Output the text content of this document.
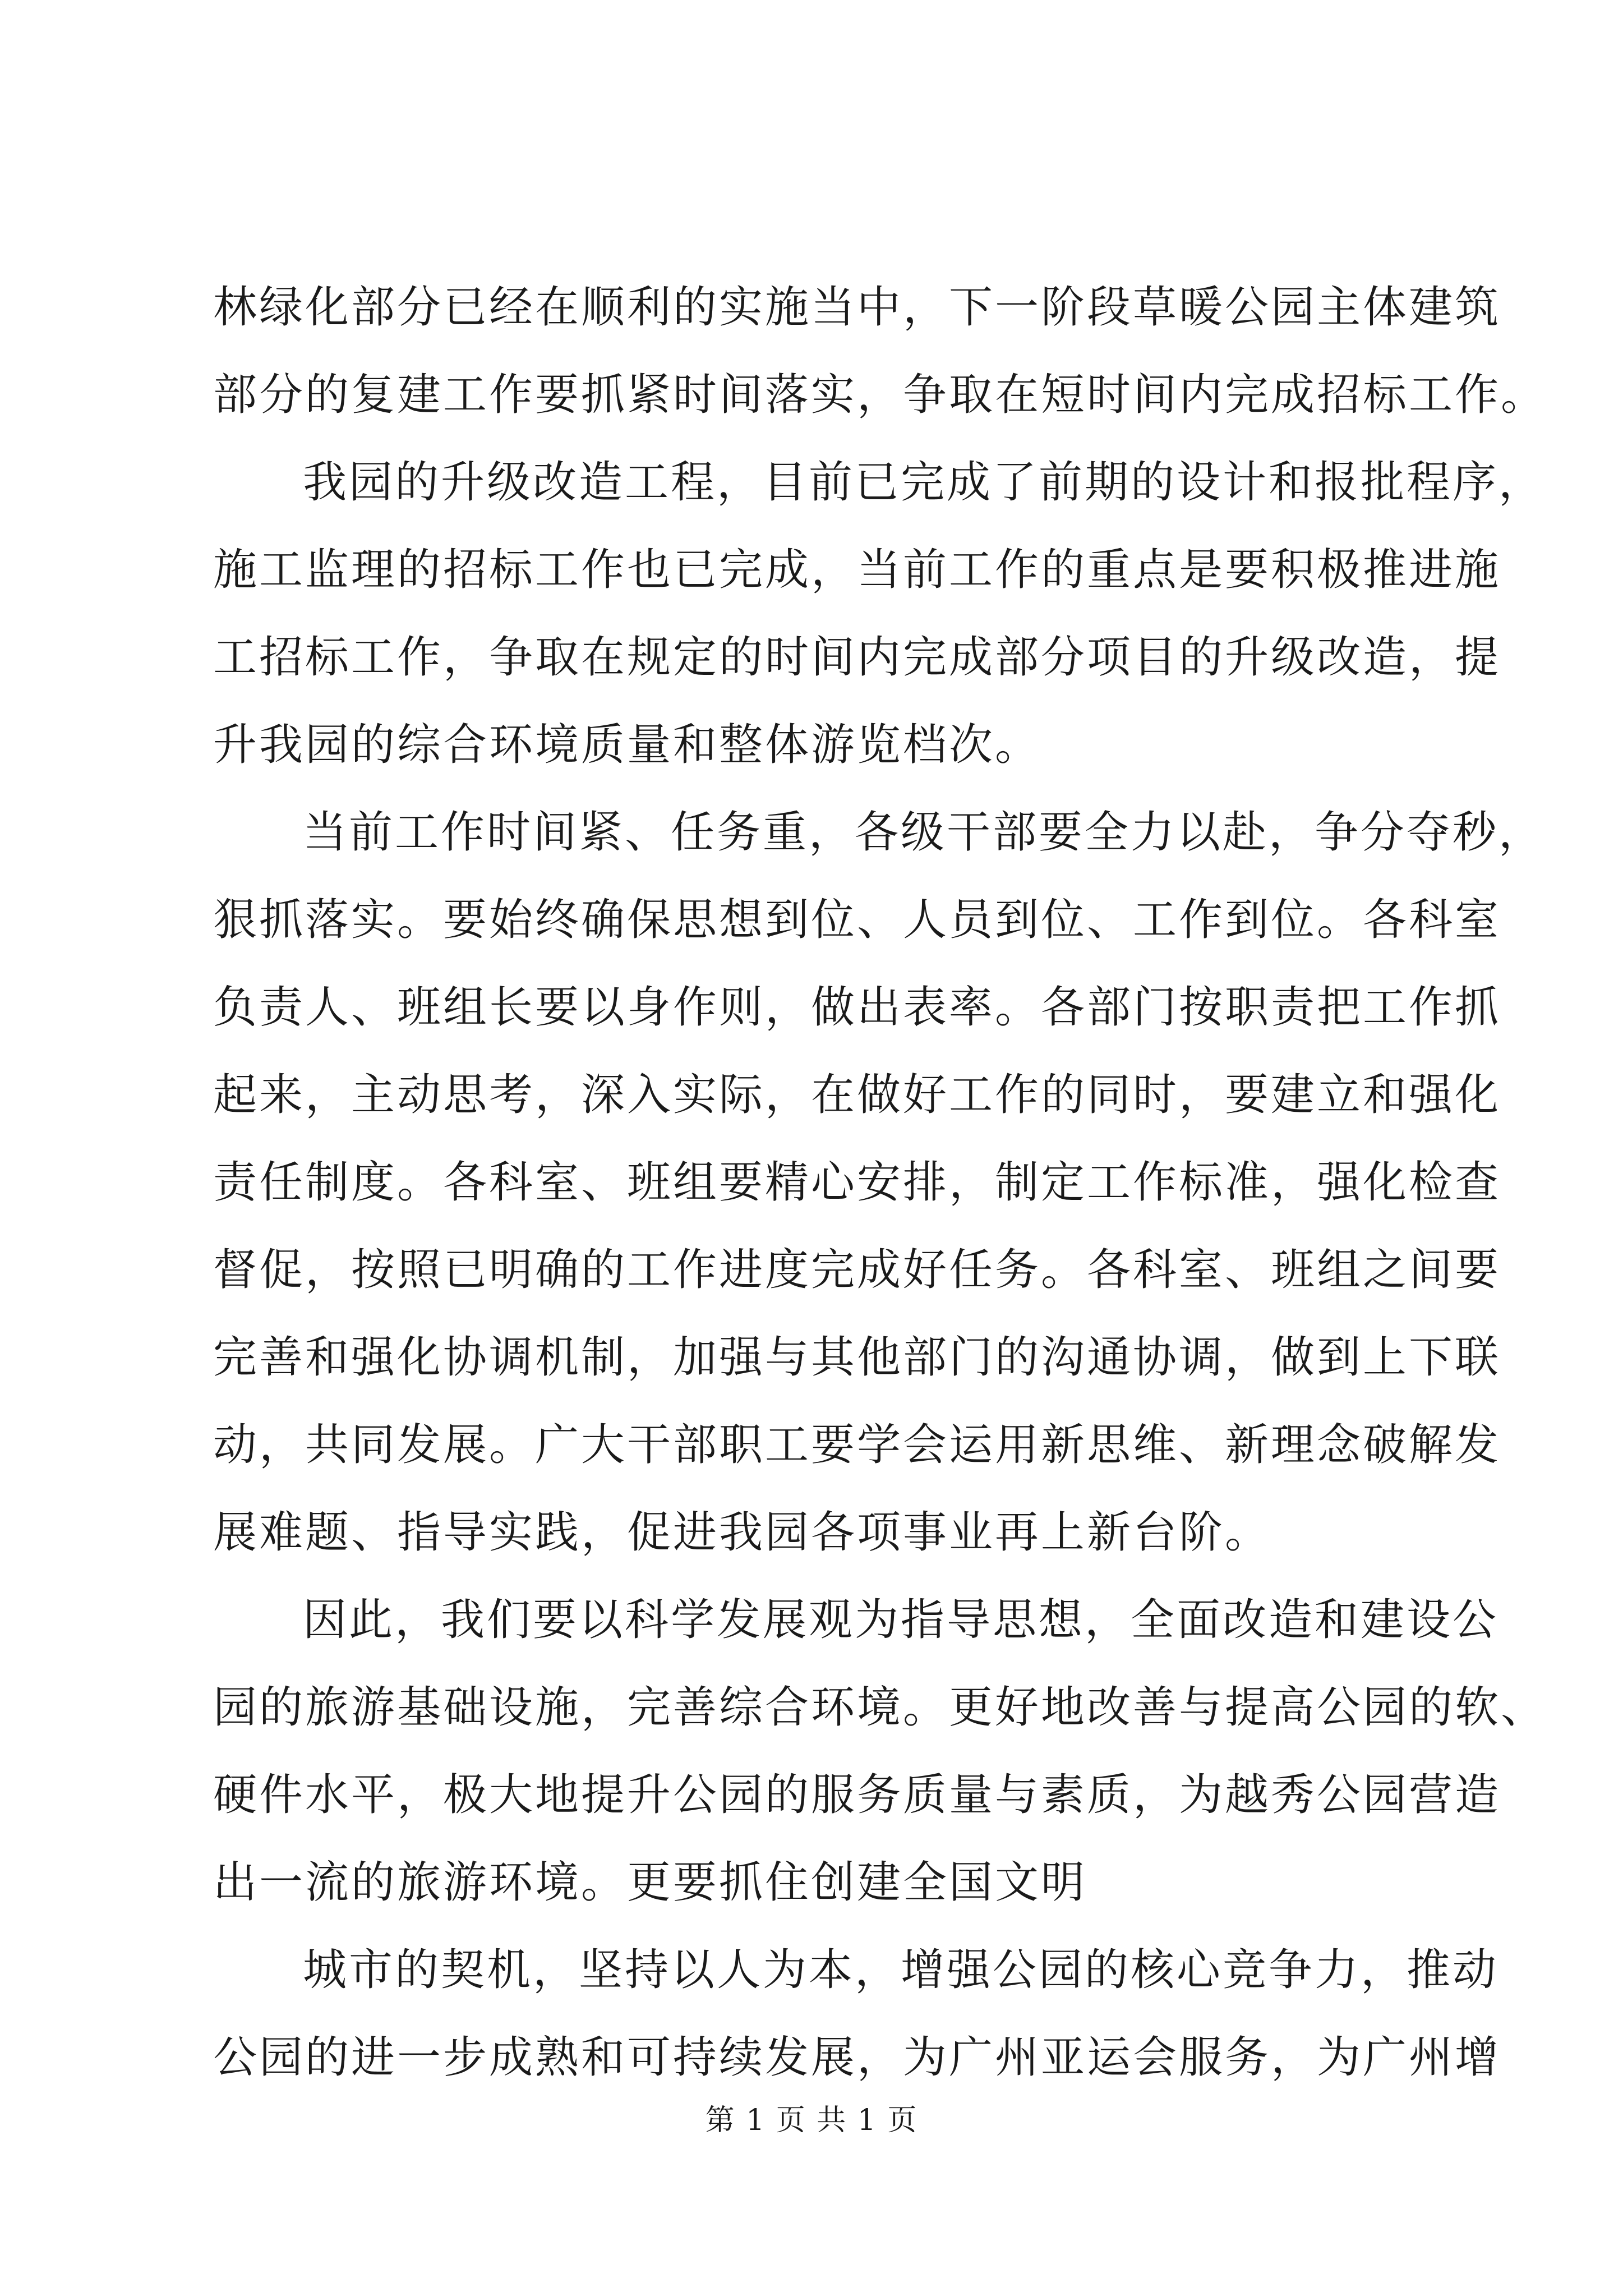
林绿化部分已经在顺利的实施当中，下一阶段草暖公园主体建筑
部分的复建工作要抓紧时间落实，争取在短时间内完成招标工作。
我园的升级改造工程，目前已完成了前期的设计和报批程序，
施工监理的招标工作也已完成，当前工作的重点是要积极推进施
工招标工作，争取在规定的时间内完成部分项目的升级改造，提
升我园的综合环境质量和整体游览档次。
当前工作时间紧、任务重，各级干部要全力以赴，争分夺秒，
狠抓落实。要始终确保思想到位、人员到位、工作到位。各科室
负责人、班组长要以身作则，做出表率。各部门按职责把工作抓
起来，主动思考，深入实际，在做好工作的同时，要建立和强化
责任制度。各科室、班组要精心安排，制定工作标准，强化检查
督促，按照已明确的工作进度完成好任务。各科室、班组之间要
完善和强化协调机制，加强与其他部门的沟通协调，做到上下联
动，共同发展。广大干部职工要学会运用新思维、新理念破解发
展难题、指导实践，促进我园各项事业再上新台阶。
因此，我们要以科学发展观为指导思想，全面改造和建设公
园的旅游基础设施，完善综合环境。更好地改善与提高公园的软、
硬件水平，极大地提升公园的服务质量与素质，为越秀公园营造
出一流的旅游环境。更要抓住创建全国文明
城市的契机，坚持以人为本，增强公园的核心竞争力，推动
公园的进一步成熟和可持续发展，为广州亚运会服务，为广州增
第 1 页 共 1 页
